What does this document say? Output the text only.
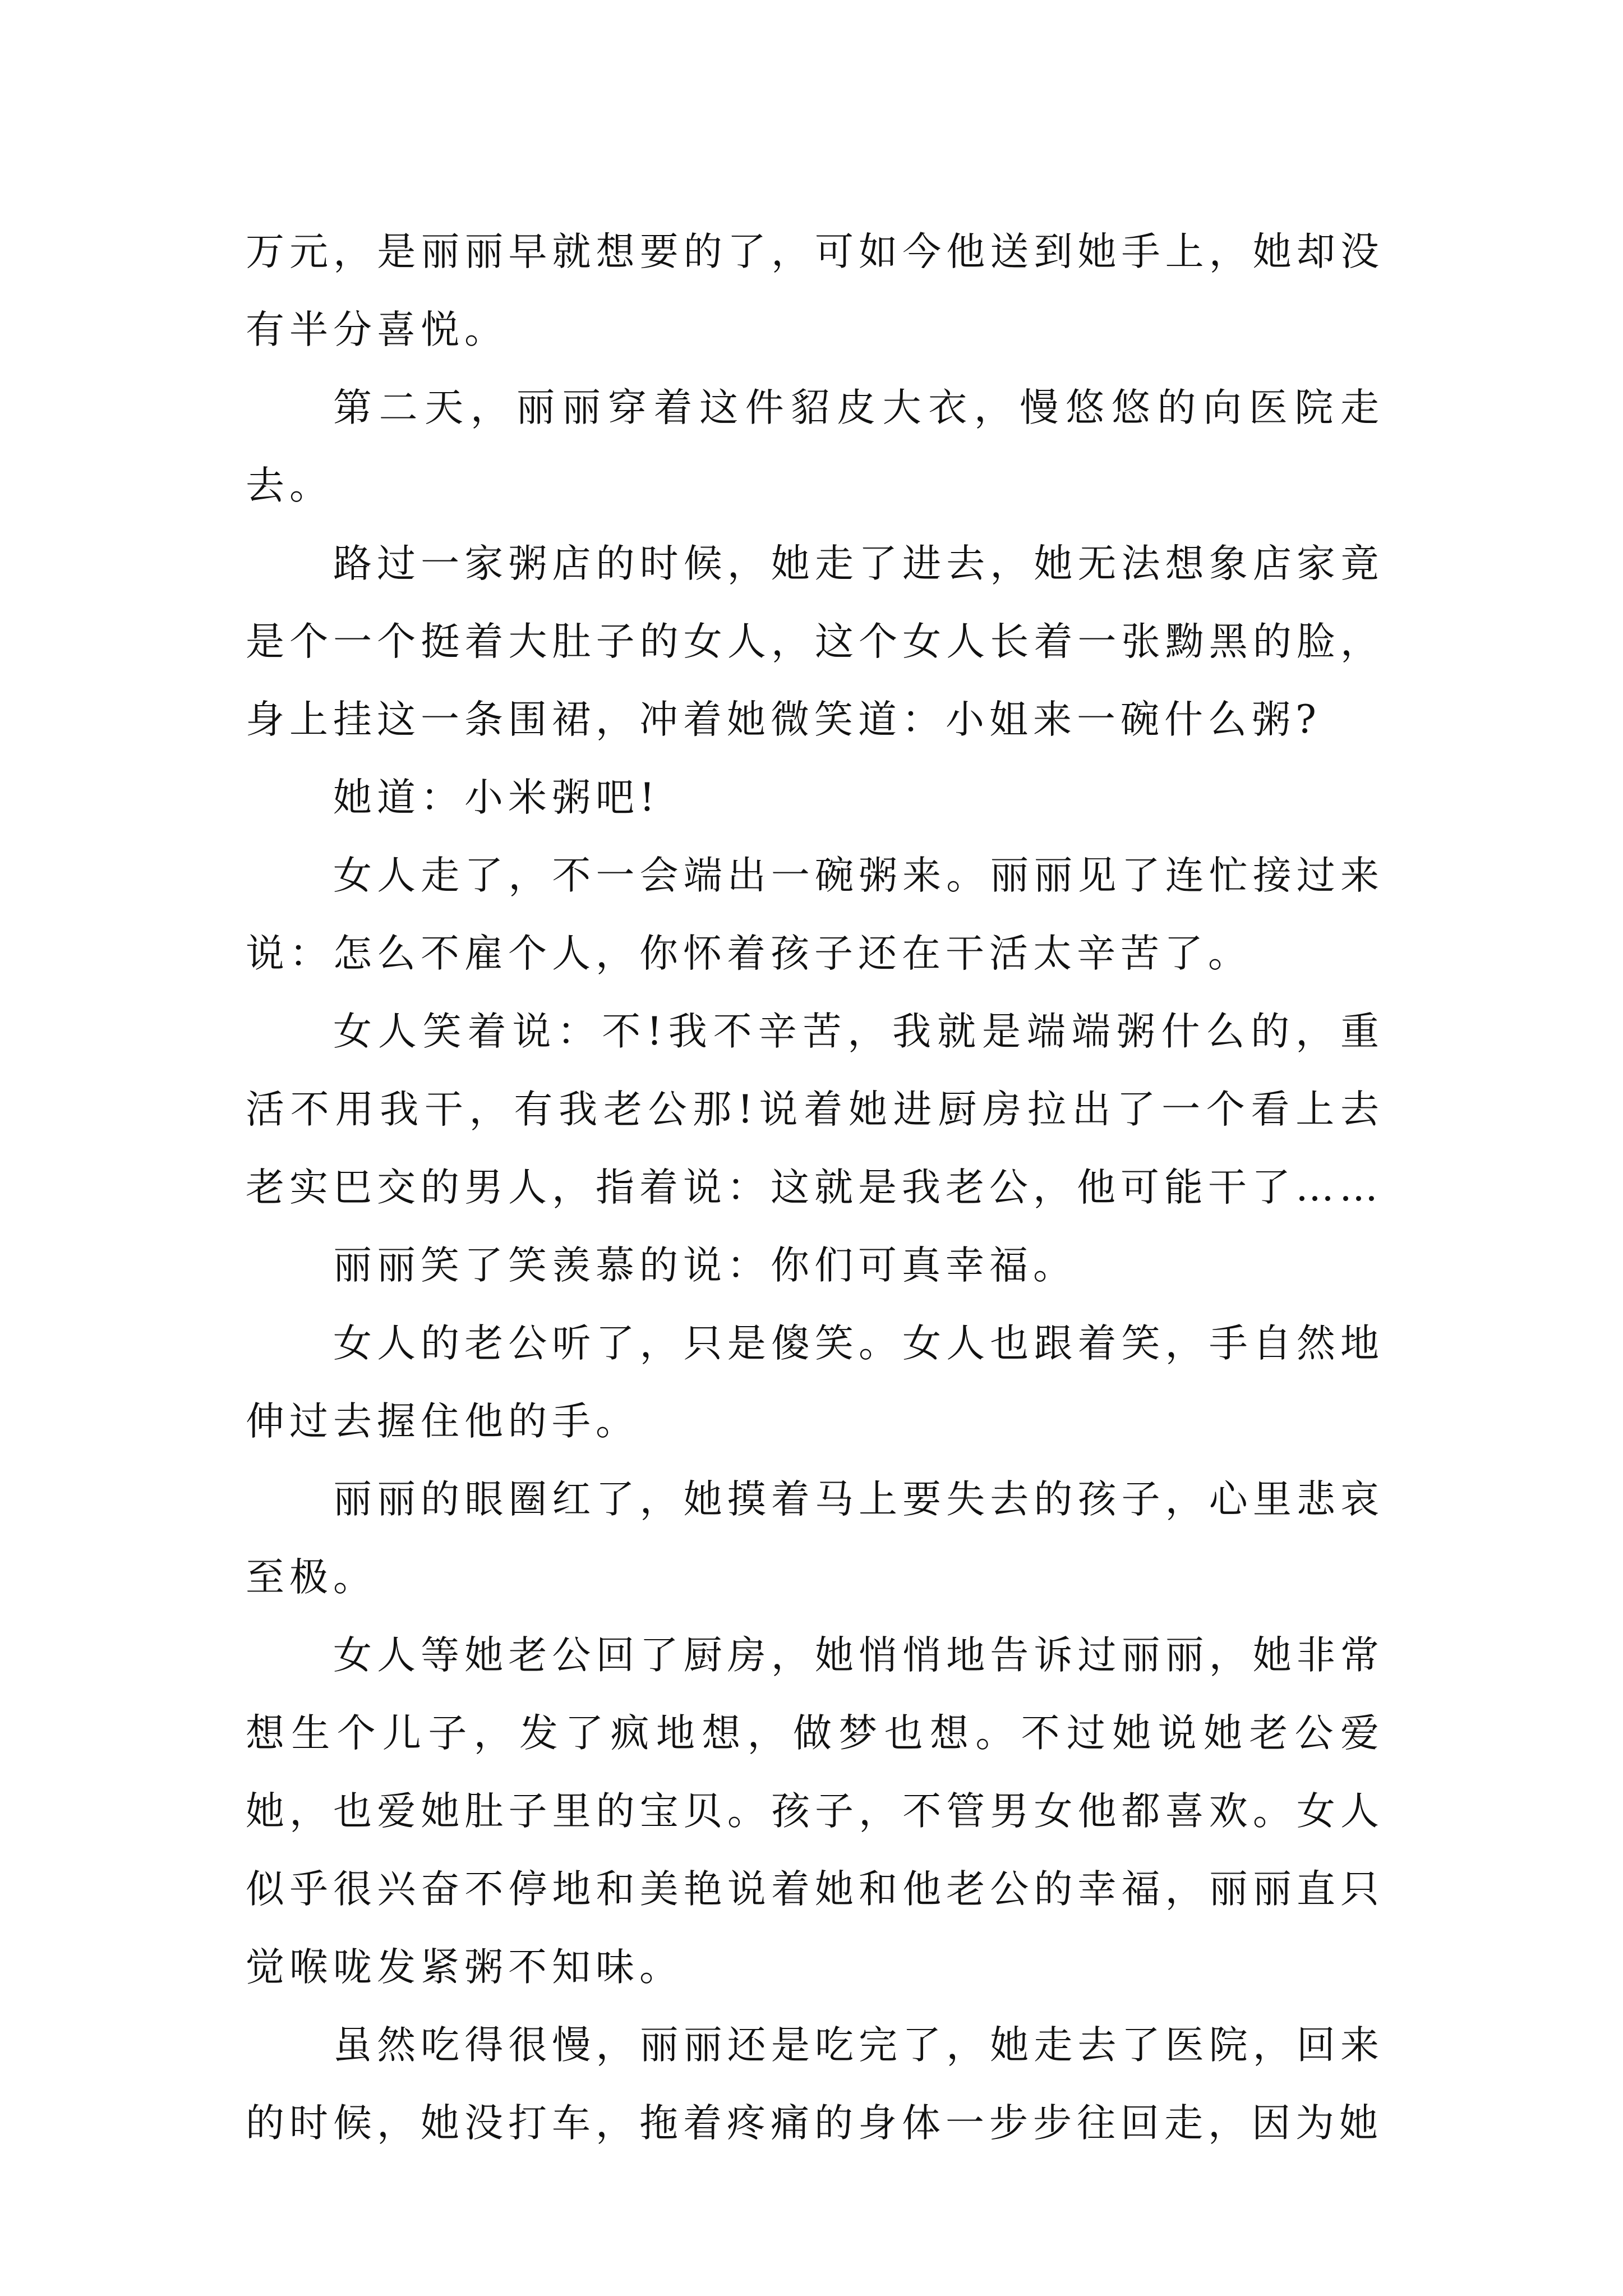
万元，是丽丽早就想要的了，可如今他送到她手上，她却没有半分喜悦。

第二天，丽丽穿着这件貂皮大衣，慢悠悠的向医院走去。

路过一家粥店的时候，她走了进去，她无法想象店家竟是个一个挺着大肚子的女人，这个女人长着一张黝黑的脸，身上挂这一条围裙，冲着她微笑道：小姐来一碗什么粥?

她道：小米粥吧!

女人走了，不一会端出一碗粥来。丽丽见了连忙接过来说：怎么不雇个人，你怀着孩子还在干活太辛苦了。

女人笑着说：不!我不辛苦，我就是端端粥什么的，重活不用我干，有我老公那!说着她进厨房拉出了一个看上去老实巴交的男人，指着说：这就是我老公，他可能干了……

丽丽笑了笑羡慕的说：你们可真幸福。

女人的老公听了，只是傻笑。女人也跟着笑，手自然地伸过去握住他的手。

丽丽的眼圈红了，她摸着马上要失去的孩子，心里悲哀至极。

女人等她老公回了厨房，她悄悄地告诉过丽丽，她非常想生个儿子，发了疯地想，做梦也想。不过她说她老公爱她，也爱她肚子里的宝贝。孩子，不管男女他都喜欢。女人似乎很兴奋不停地和美艳说着她和他老公的幸福，丽丽直只觉喉咙发紧粥不知味。

虽然吃得很慢，丽丽还是吃完了，她走去了医院，回来的时候，她没打车，拖着疼痛的身体一步步往回走，因为她
